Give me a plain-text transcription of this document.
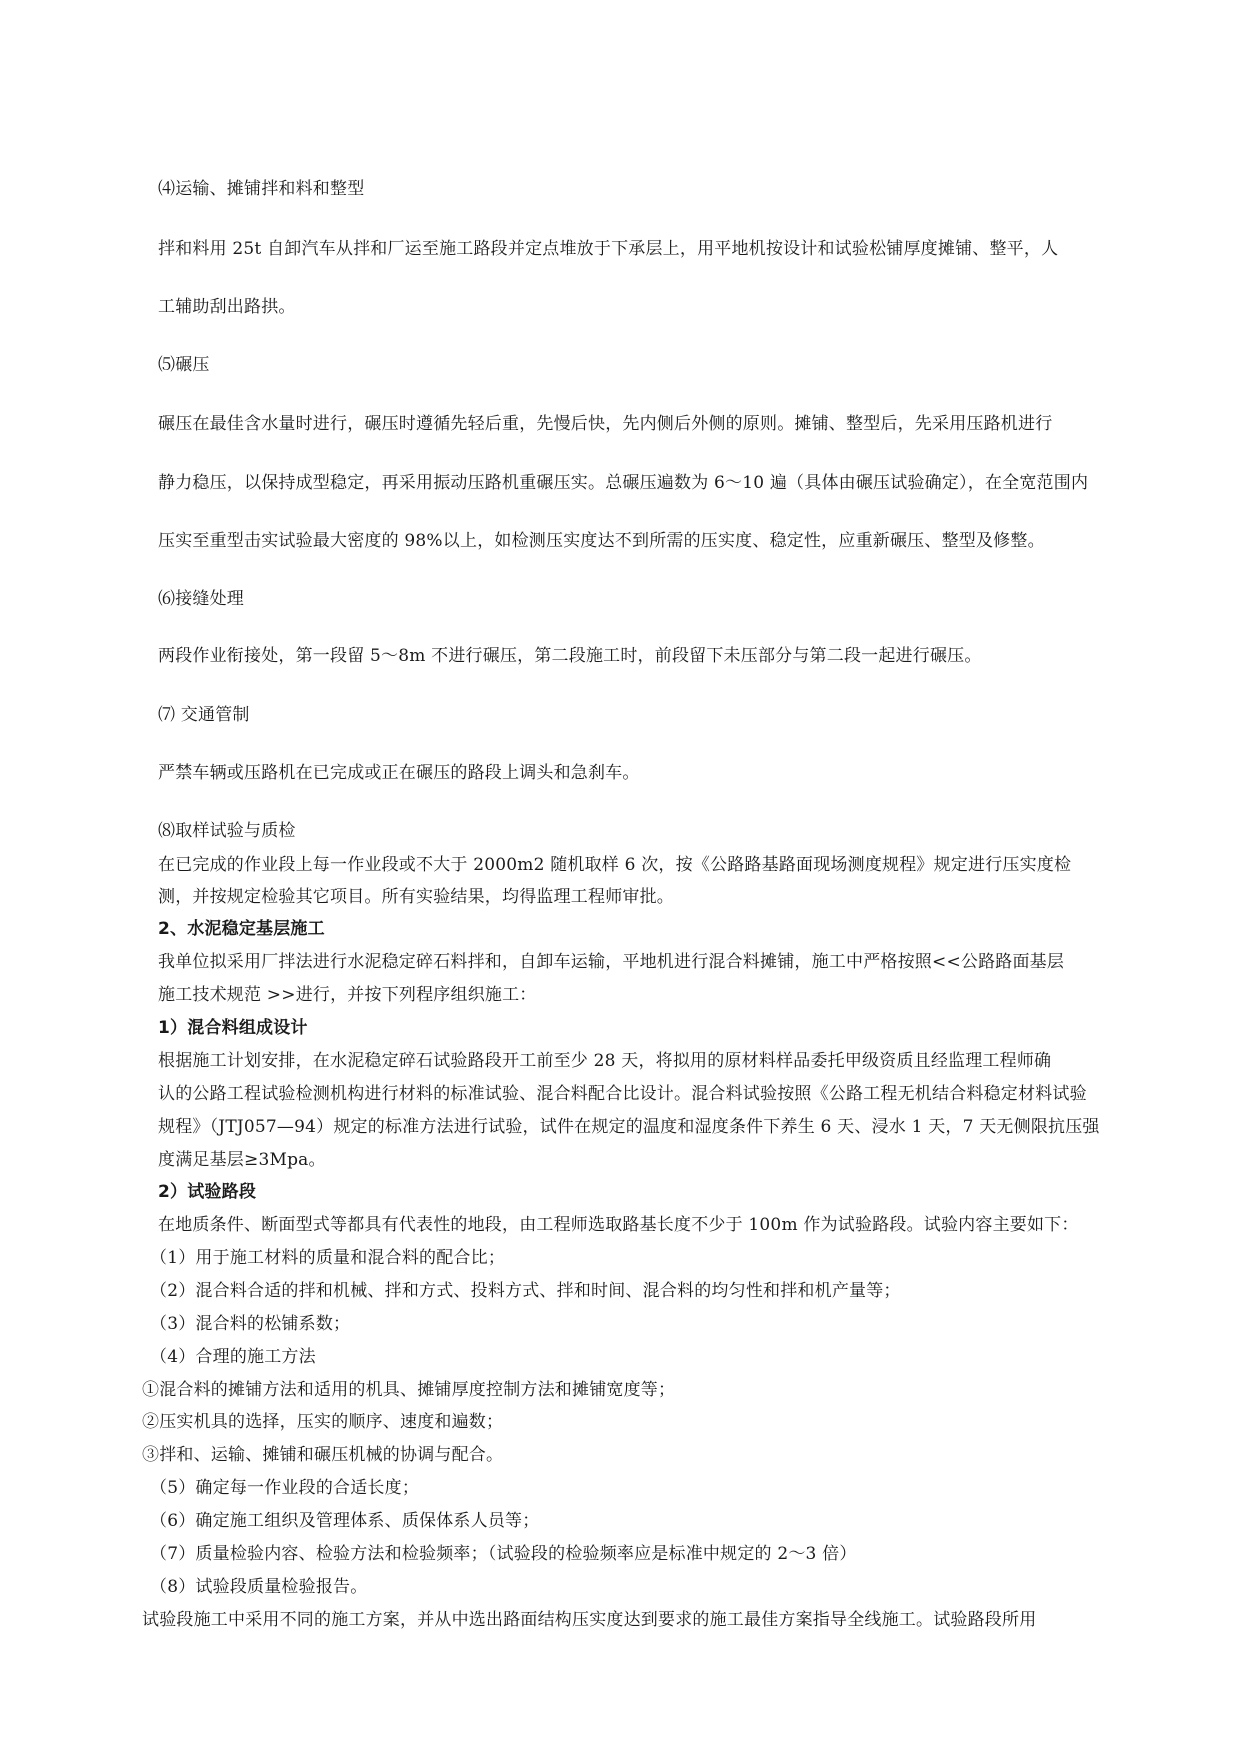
⑷运输、摊铺拌和料和整型
拌和料用 25t 自卸汽车从拌和厂运至施工路段并定点堆放于下承层上，用平地机按设计和试验松铺厚度摊铺、整平，人
工辅助刮出路拱。
⑸碾压
碾压在最佳含水量时进行，碾压时遵循先轻后重，先慢后快，先内侧后外侧的原则。摊铺、整型后，先采用压路机进行
静力稳压，以保持成型稳定，再采用振动压路机重碾压实。总碾压遍数为 6～10 遍（具体由碾压试验确定），在全宽范围内
压实至重型击实试验最大密度的 98%以上，如检测压实度达不到所需的压实度、稳定性，应重新碾压、整型及修整。
⑹接缝处理
两段作业衔接处，第一段留 5～8m 不进行碾压，第二段施工时，前段留下未压部分与第二段一起进行碾压。
⑺ 交通管制
严禁车辆或压路机在已完成或正在碾压的路段上调头和急刹车。
⑻取样试验与质检
在已完成的作业段上每一作业段或不大于 2000m2 随机取样 6 次，按《公路路基路面现场测度规程》规定进行压实度检
测，并按规定检验其它项目。所有实验结果，均得监理工程师审批。
2、水泥稳定基层施工
我单位拟采用厂拌法进行水泥稳定碎石料拌和，自卸车运输，平地机进行混合料摊铺，施工中严格按照<<公路路面基层
施工技术规范 >>进行，并按下列程序组织施工：
1）混合料组成设计
根据施工计划安排，在水泥稳定碎石试验路段开工前至少 28 天，将拟用的原材料样品委托甲级资质且经监理工程师确
认的公路工程试验检测机构进行材料的标准试验、混合料配合比设计。混合料试验按照《公路工程无机结合料稳定材料试验
规程》（JTJ057—94）规定的标准方法进行试验，试件在规定的温度和湿度条件下养生 6 天、浸水 1 天，7 天无侧限抗压强
度满足基层≥3Mpa。
2）试验路段
在地质条件、断面型式等都具有代表性的地段，由工程师选取路基长度不少于 100m 作为试验路段。试验内容主要如下：
（1）用于施工材料的质量和混合料的配合比；
（2）混合料合适的拌和机械、拌和方式、投料方式、拌和时间、混合料的均匀性和拌和机产量等；
（3）混合料的松铺系数；
（4）合理的施工方法
①混合料的摊铺方法和适用的机具、摊铺厚度控制方法和摊铺宽度等；
②压实机具的选择，压实的顺序、速度和遍数；
③拌和、运输、摊铺和碾压机械的协调与配合。
（5）确定每一作业段的合适长度；
（6）确定施工组织及管理体系、质保体系人员等；
（7）质量检验内容、检验方法和检验频率；（试验段的检验频率应是标准中规定的 2～3 倍）
（8）试验段质量检验报告。
试验段施工中采用不同的施工方案，并从中选出路面结构压实度达到要求的施工最佳方案指导全线施工。试验路段所用
